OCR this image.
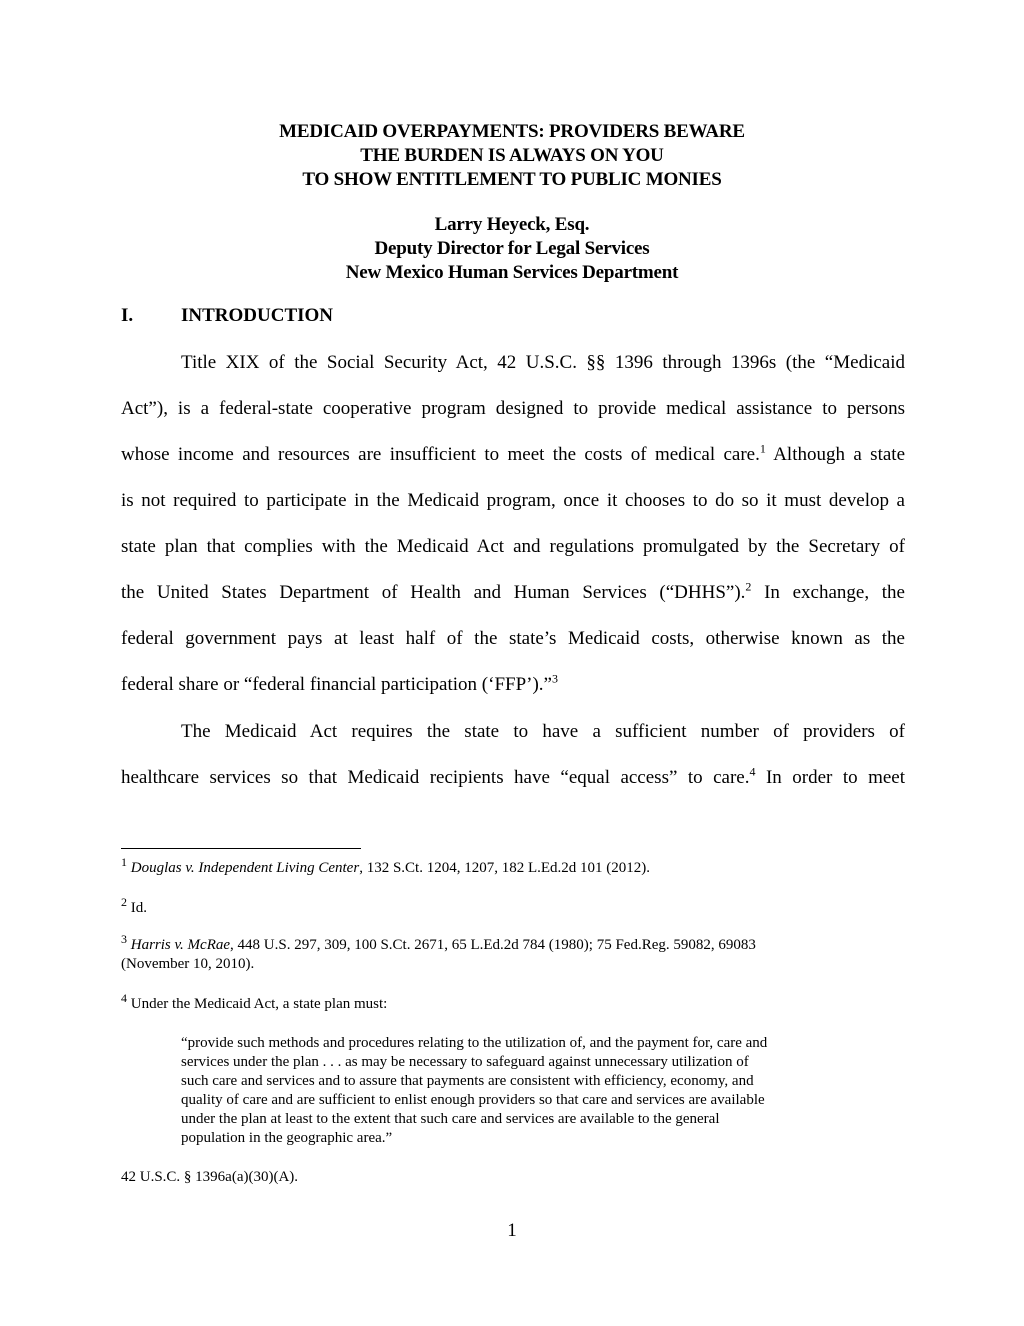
MEDICAID OVERPAYMENTS: PROVIDERS BEWARE
THE BURDEN IS ALWAYS ON YOU
TO SHOW ENTITLEMENT TO PUBLIC MONIES
Larry Heyeck, Esq.
Deputy Director for Legal Services
New Mexico Human Services Department
I.	INTRODUCTION
Title XIX of the Social Security Act, 42 U.S.C. §§ 1396 through 1396s (the “Medicaid
Act”), is a federal-state cooperative program designed to provide medical assistance to persons
whose income and resources are insufficient to meet the costs of medical care.$^1$ Although a state
is not required to participate in the Medicaid program, once it chooses to do so it must develop a
state plan that complies with the Medicaid Act and regulations promulgated by the Secretary of
the United States Department of Health and Human Services (“DHHS”).$^2$ In exchange, the
federal government pays at least half of the state’s Medicaid costs, otherwise known as the
federal share or “federal financial participation (‘FFP’).”$^3$
The Medicaid Act requires the state to have a sufficient number of providers of
healthcare services so that Medicaid recipients have “equal access” to care.$^4$ In order to meet
$^1$ Douglas v. Independent Living Center, 132 S.Ct. 1204, 1207, 182 L.Ed.2d 101 (2012).
$^2$ Id.
$^3$ Harris v. McRae, 448 U.S. 297, 309, 100 S.Ct. 2671, 65 L.Ed.2d 784 (1980); 75 Fed.Reg. 59082, 69083
(November 10, 2010).
$^4$ Under the Medicaid Act, a state plan must:
“provide such methods and procedures relating to the utilization of, and the payment for, care and
services under the plan . . . as may be necessary to safeguard against unnecessary utilization of
such care and services and to assure that payments are consistent with efficiency, economy, and
quality of care and are sufficient to enlist enough providers so that care and services are available
under the plan at least to the extent that such care and services are available to the general
population in the geographic area.”
42 U.S.C. § 1396a(a)(30)(A).
1
